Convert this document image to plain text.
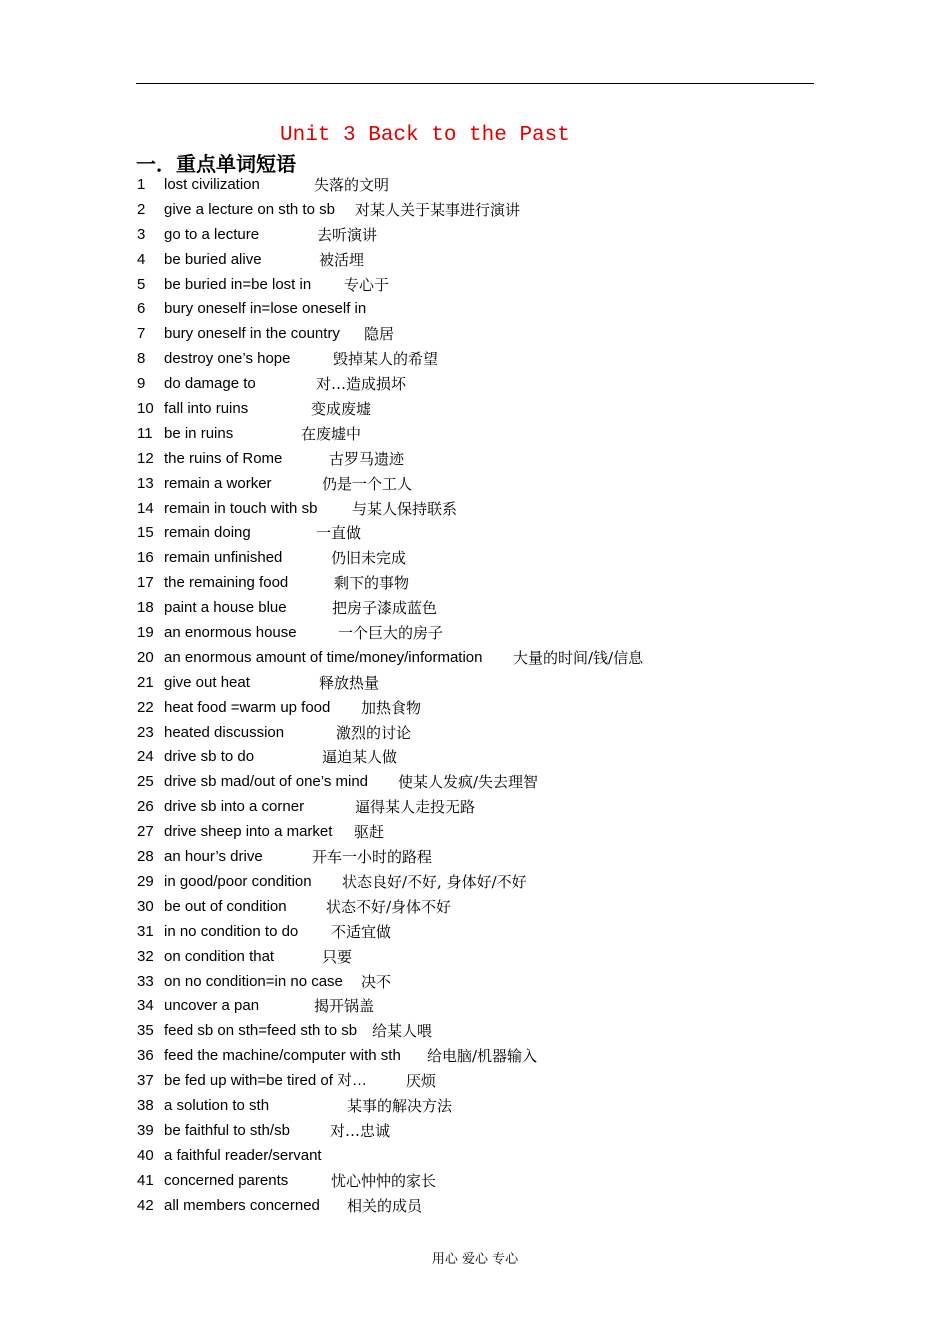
Unit 3 Back to the Past
一．重点单词短语
1 lost civilization	失落的文明
2 give a lecture on sth to sb 对某人关于某事进行演讲
3 go to a lecture	去听演讲
4 be buried alive	被活埋
5 be buried in=be lost in 专心于
6 bury oneself in=lose oneself in
7 bury oneself in the country 隐居
8 destroy one’s hope	毁掉某人的希望
9 do damage to	对…造成损坏
10 fall into ruins	变成废墟
11 be in ruins	在废墟中
12 the ruins of Rome	古罗马遗迹
13 remain a worker	仍是一个工人
14 remain in touch with sb 与某人保持联系
15 remain doing	一直做
16 remain unfinished	仍旧未完成
17 the remaining food	剩下的事物
18 paint a house blue	把房子漆成蓝色
19 an enormous house	一个巨大的房子
20 an enormous amount of time/money/information 大量的时间/钱/信息
21 give out heat	释放热量
22 heat food =warm up food 加热食物
23 heated discussion	激烈的讨论
24 drive sb to do	逼迫某人做
25 drive sb mad/out of one’s mind 使某人发疯/失去理智
26 drive sb into a corner	逼得某人走投无路
27 drive sheep into a market 驱赶
28 an hour’s drive	开车一小时的路程
29 in good/poor condition 状态良好/不好, 身体好/不好
30 be out of condition	状态不好/身体不好
31 in no condition to do 不适宜做
32 on condition that	只要
33 on no condition=in no case 决不
34 uncover a pan	揭开锅盖
35 feed sb on sth=feed sth to sb 给某人喂
36 feed the machine/computer with sth 给电脑/机器输入
37 be fed up with=be tired of 对…	厌烦
38 a solution to sth	某事的解决方法
39 be faithful to sth/sb	对…忠诚
40 a faithful reader/servant
41 concerned parents	忧心忡忡的家长
42 all members concerned 相关的成员
用心 爱心 专心
